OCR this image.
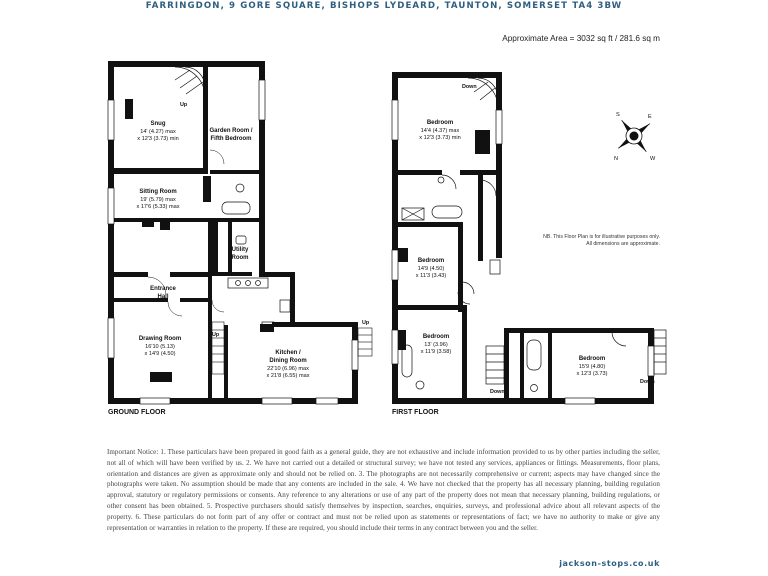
FARRINGDON, 9 GORE SQUARE, BISHOPS LYDEARD, TAUNTON, SOMERSET TA4 3BW
Approximate Area = 3032 sq ft / 281.6 sq m
Up
Up
Up
Snug
14' (4.27) max
x 12'3 (3.73) min
Garden Room /
Fifth Bedroom
Sitting Room
19' (5.79) max
x 17'6 (5.33) max
Utility
Room
Entrance
Hall
Drawing Room
16'10 (5.13)
x 14'9 (4.50)	Kitchen /
Dining Room
22'10 (6.96) max
x 21'8 (6.55) max
Down
Down
Down
Bedroom
14'4 (4.37) max
x 12'3 (3.73) min
Bedroom
14'9 (4.50)
x 11'3 (3.43)
Bedroom
13' (3.96)
x 11'9 (3.58)
Bedroom
15'9 (4.80)
x 12'3 (3.73)
S	E
N	W
GROUND FLOOR	FIRST FLOOR
NB. This Floor Plan is for illustrative purposes only.
All dimensions are approximate.
Important Notice: 1. These particulars have been prepared in good faith as a general guide, they are not exhaustive and include information provided to us by other parties including the seller, not all of which will have been verified by us. 2. We have not carried out a detailed or structural survey; we have not tested any services, appliances or fittings. Measurements, floor plans, orientation and distances are given as approximate only and should not be relied on. 3. The photographs are not necessarily comprehensive or current; aspects may have changed since the photographs were taken. No assumption should be made that any contents are included in the sale. 4. We have not checked that the property has all necessary planning, building regulation approval, statutory or regulatory permissions or consents. Any reference to any alterations or use of any part of the property does not mean that necessary planning, building regulations, or other consent has been obtained. 5. Prospective purchasers should satisfy themselves by inspection, searches, enquiries, surveys, and professional advice about all relevant aspects of the property. 6. These particulars do not form part of any offer or contract and must not be relied upon as statements or representations of fact; we have no authority to make or give any representation or warranties in relation to the property. If these are required, you should include their terms in any contract between you and the seller.
jackson-stops.co.uk
